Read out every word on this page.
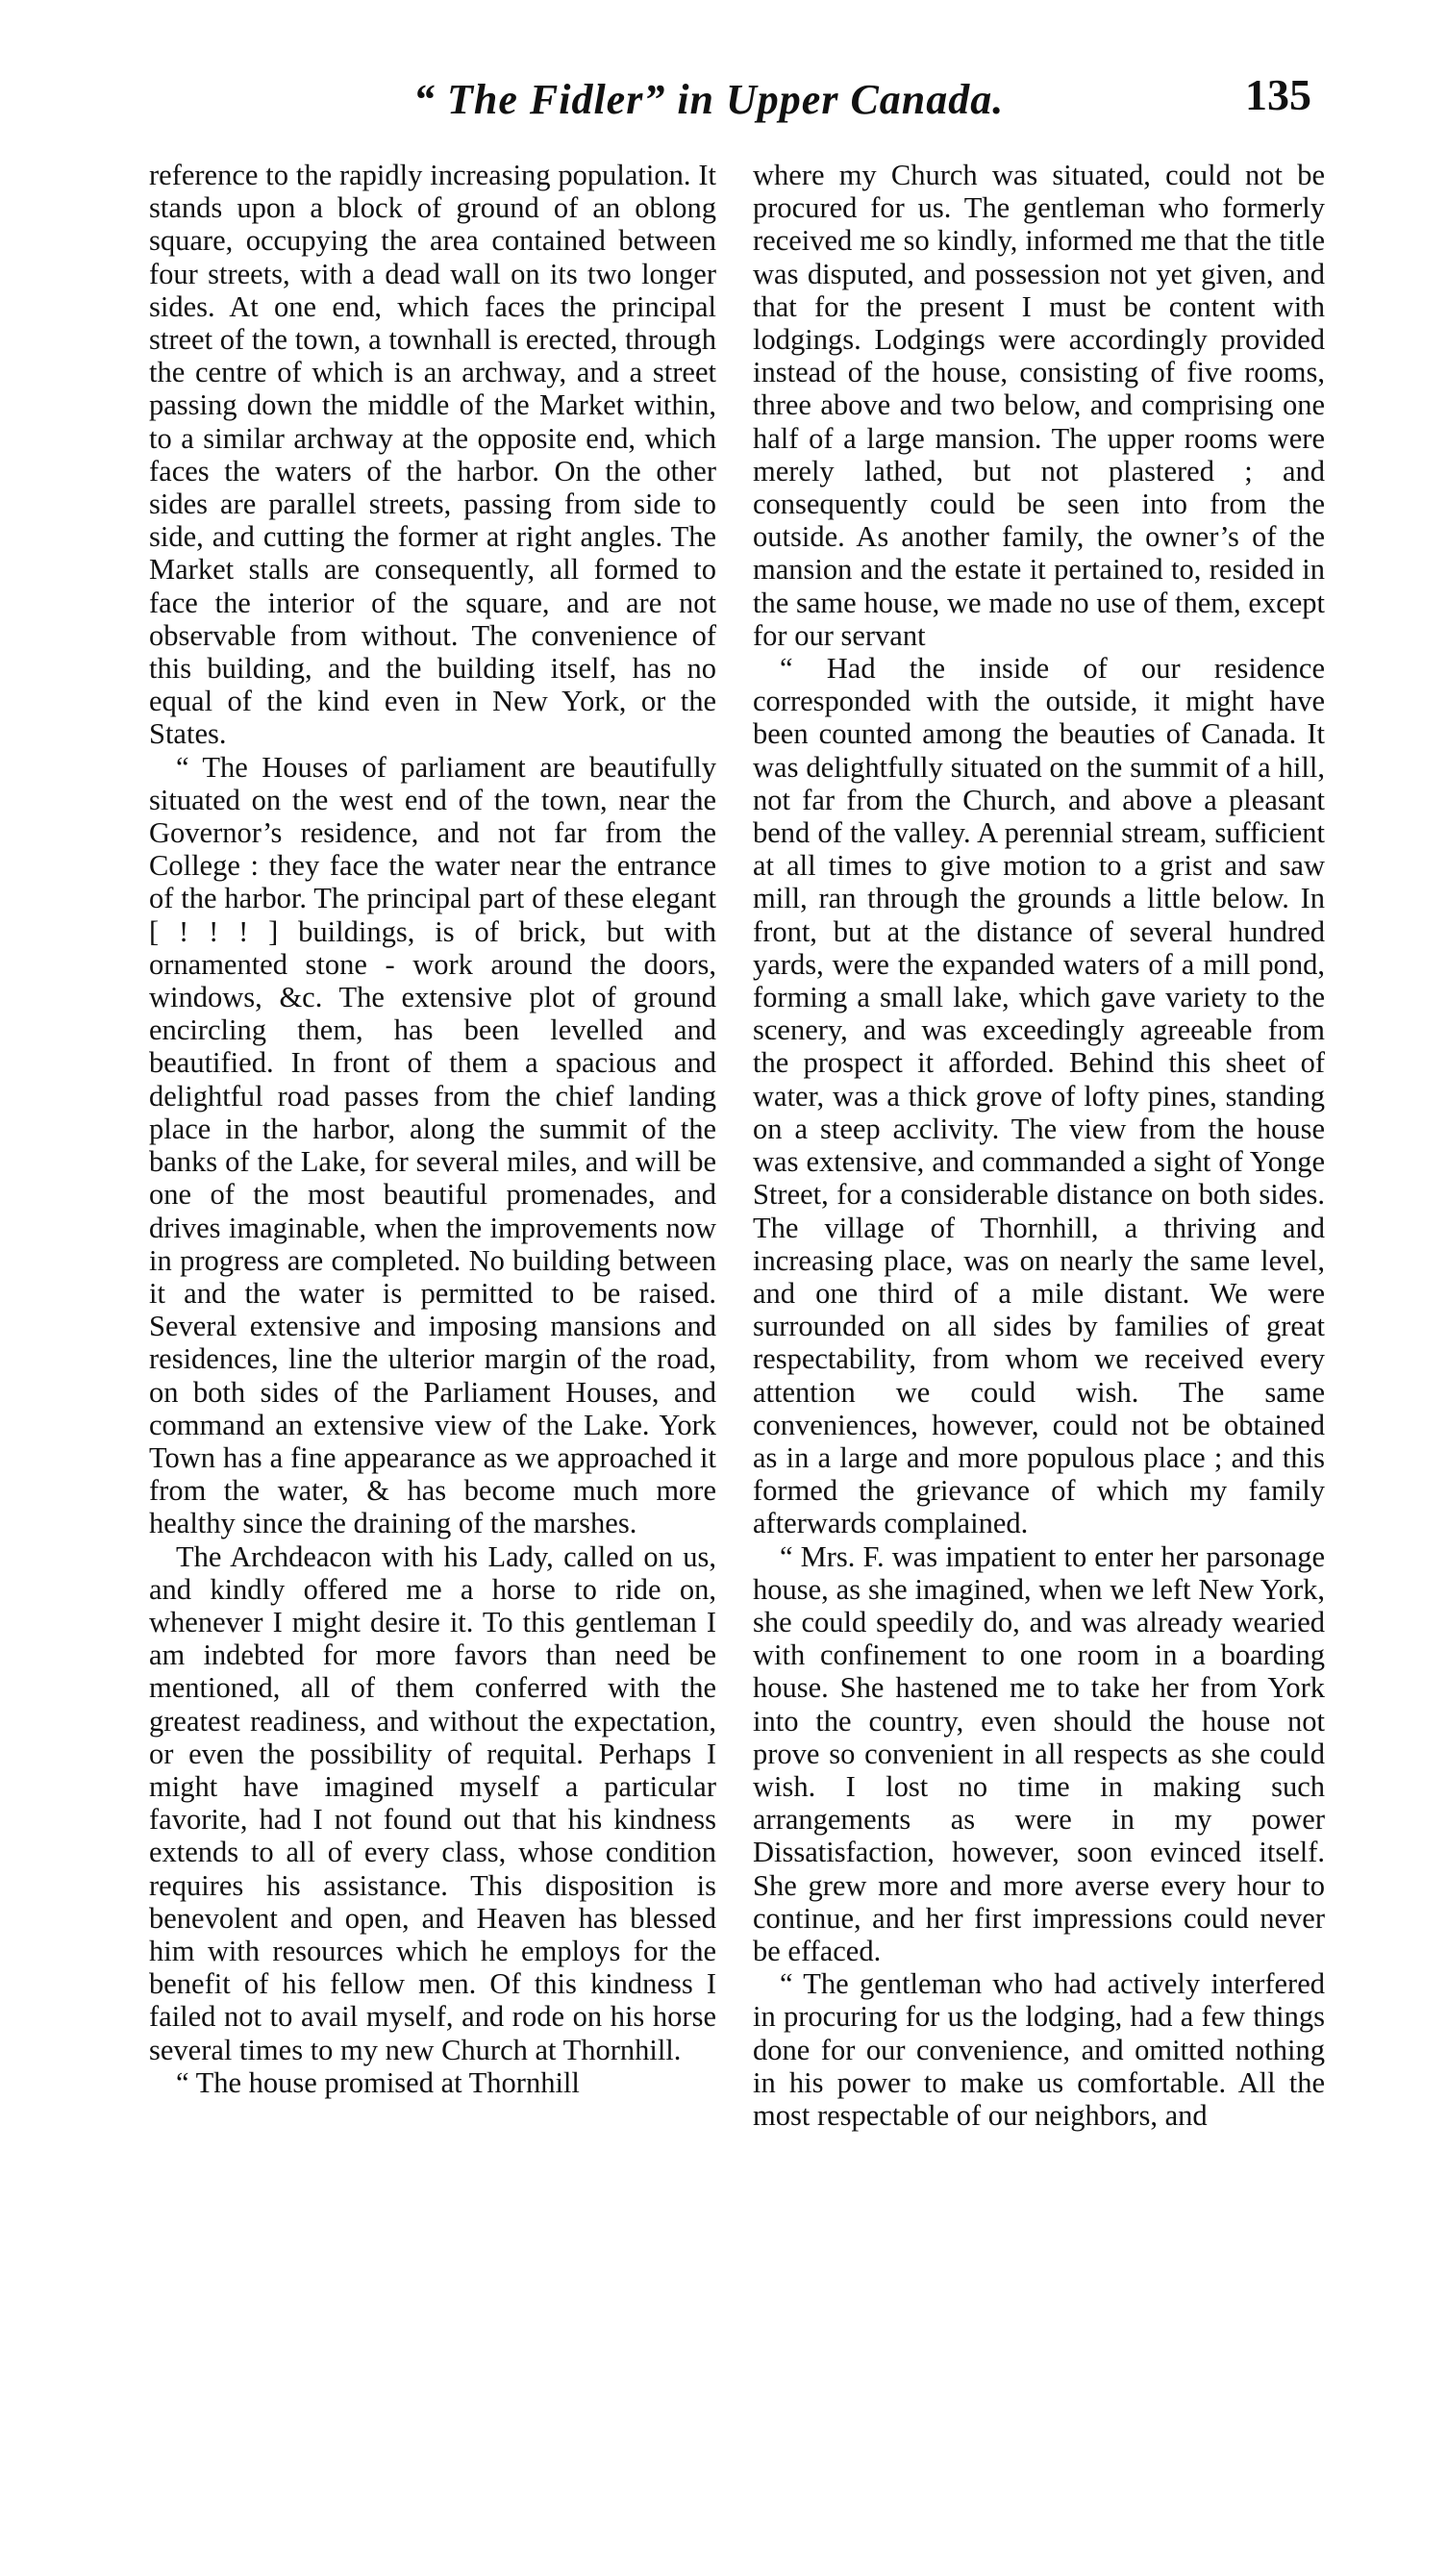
“ The Fidler” in Upper Canada.	135

reference to the rapidly increasing population. It stands upon a block of ground of an oblong square, occupying the area contained between four streets, with a dead wall on its two longer sides. At one end, which faces the principal street of the town, a townhall is erected, through the centre of which is an archway, and a street passing down the middle of the Market within, to a similar archway at the opposite end, which faces the waters of the harbor. On the other sides are parallel streets, passing from side to side, and cutting the former at right angles. The Market stalls are consequently, all formed to face the interior of the square, and are not observable from without. The convenience of this building, and the building itself, has no equal of the kind even in New York, or the States.

“ The Houses of parliament are beautifully situated on the west end of the town, near the Governor’s residence, and not far from the College : they face the water near the entrance of the harbor. The principal part of these elegant [ ! ! ! ] buildings, is of brick, but with ornamented stone - work around the doors, windows, &c. The extensive plot of ground encircling them, has been levelled and beautified. In front of them a spacious and delightful road passes from the chief landing place in the harbor, along the summit of the banks of the Lake, for several miles, and will be one of the most beautiful promenades, and drives imaginable, when the improvements now in progress are completed. No building between it and the water is permitted to be raised. Several extensive and imposing mansions and residences, line the ulterior margin of the road, on both sides of the Parliament Houses, and command an extensive view of the Lake. York Town has a fine appearance as we approached it from the water, & has become much more healthy since the draining of the marshes.

The Archdeacon with his Lady, called on us, and kindly offered me a horse to ride on, whenever I might desire it. To this gentleman I am indebted for more favors than need be mentioned, all of them conferred with the greatest readiness, and without the expectation, or even the possibility of requital. Perhaps I might have imagined myself a particular favorite, had I not found out that his kindness extends to all of every class, whose condition requires his assistance. This disposition is benevolent and open, and Heaven has blessed him with resources which he employs for the benefit of his fellow men. Of this kindness I failed not to avail myself, and rode on his horse several times to my new Church at Thornhill.

“ The house promised at Thornhill

where my Church was situated, could not be procured for us. The gentleman who formerly received me so kindly, informed me that the title was disputed, and possession not yet given, and that for the present I must be content with lodgings. Lodgings were accordingly provided instead of the house, consisting of five rooms, three above and two below, and comprising one half of a large mansion. The upper rooms were merely lathed, but not plastered ; and consequently could be seen into from the outside. As another family, the owner’s of the mansion and the estate it pertained to, resided in the same house, we made no use of them, except for our servant

“ Had the inside of our residence corresponded with the outside, it might have been counted among the beauties of Canada. It was delightfully situated on the summit of a hill, not far from the Church, and above a pleasant bend of the valley. A perennial stream, sufficient at all times to give motion to a grist and saw mill, ran through the grounds a little below. In front, but at the distance of several hundred yards, were the expanded waters of a mill pond, forming a small lake, which gave variety to the scenery, and was exceedingly agreeable from the prospect it afforded. Behind this sheet of water, was a thick grove of lofty pines, standing on a steep acclivity. The view from the house was extensive, and commanded a sight of Yonge Street, for a considerable distance on both sides. The village of Thornhill, a thriving and increasing place, was on nearly the same level, and one third of a mile distant. We were surrounded on all sides by families of great respectability, from whom we received every attention we could wish. The same conveniences, however, could not be obtained as in a large and more populous place ; and this formed the grievance of which my family afterwards complained.

“ Mrs. F. was impatient to enter her parsonage house, as she imagined, when we left New York, she could speedily do, and was already wearied with confinement to one room in a boarding house. She hastened me to take her from York into the country, even should the house not prove so convenient in all respects as she could wish. I lost no time in making such arrangements as were in my power Dissatisfaction, however, soon evinced itself. She grew more and more averse every hour to continue, and her first impressions could never be effaced.

“ The gentleman who had actively interfered in procuring for us the lodging, had a few things done for our convenience, and omitted nothing in his power to make us comfortable. All the most respectable of our neighbors, and
